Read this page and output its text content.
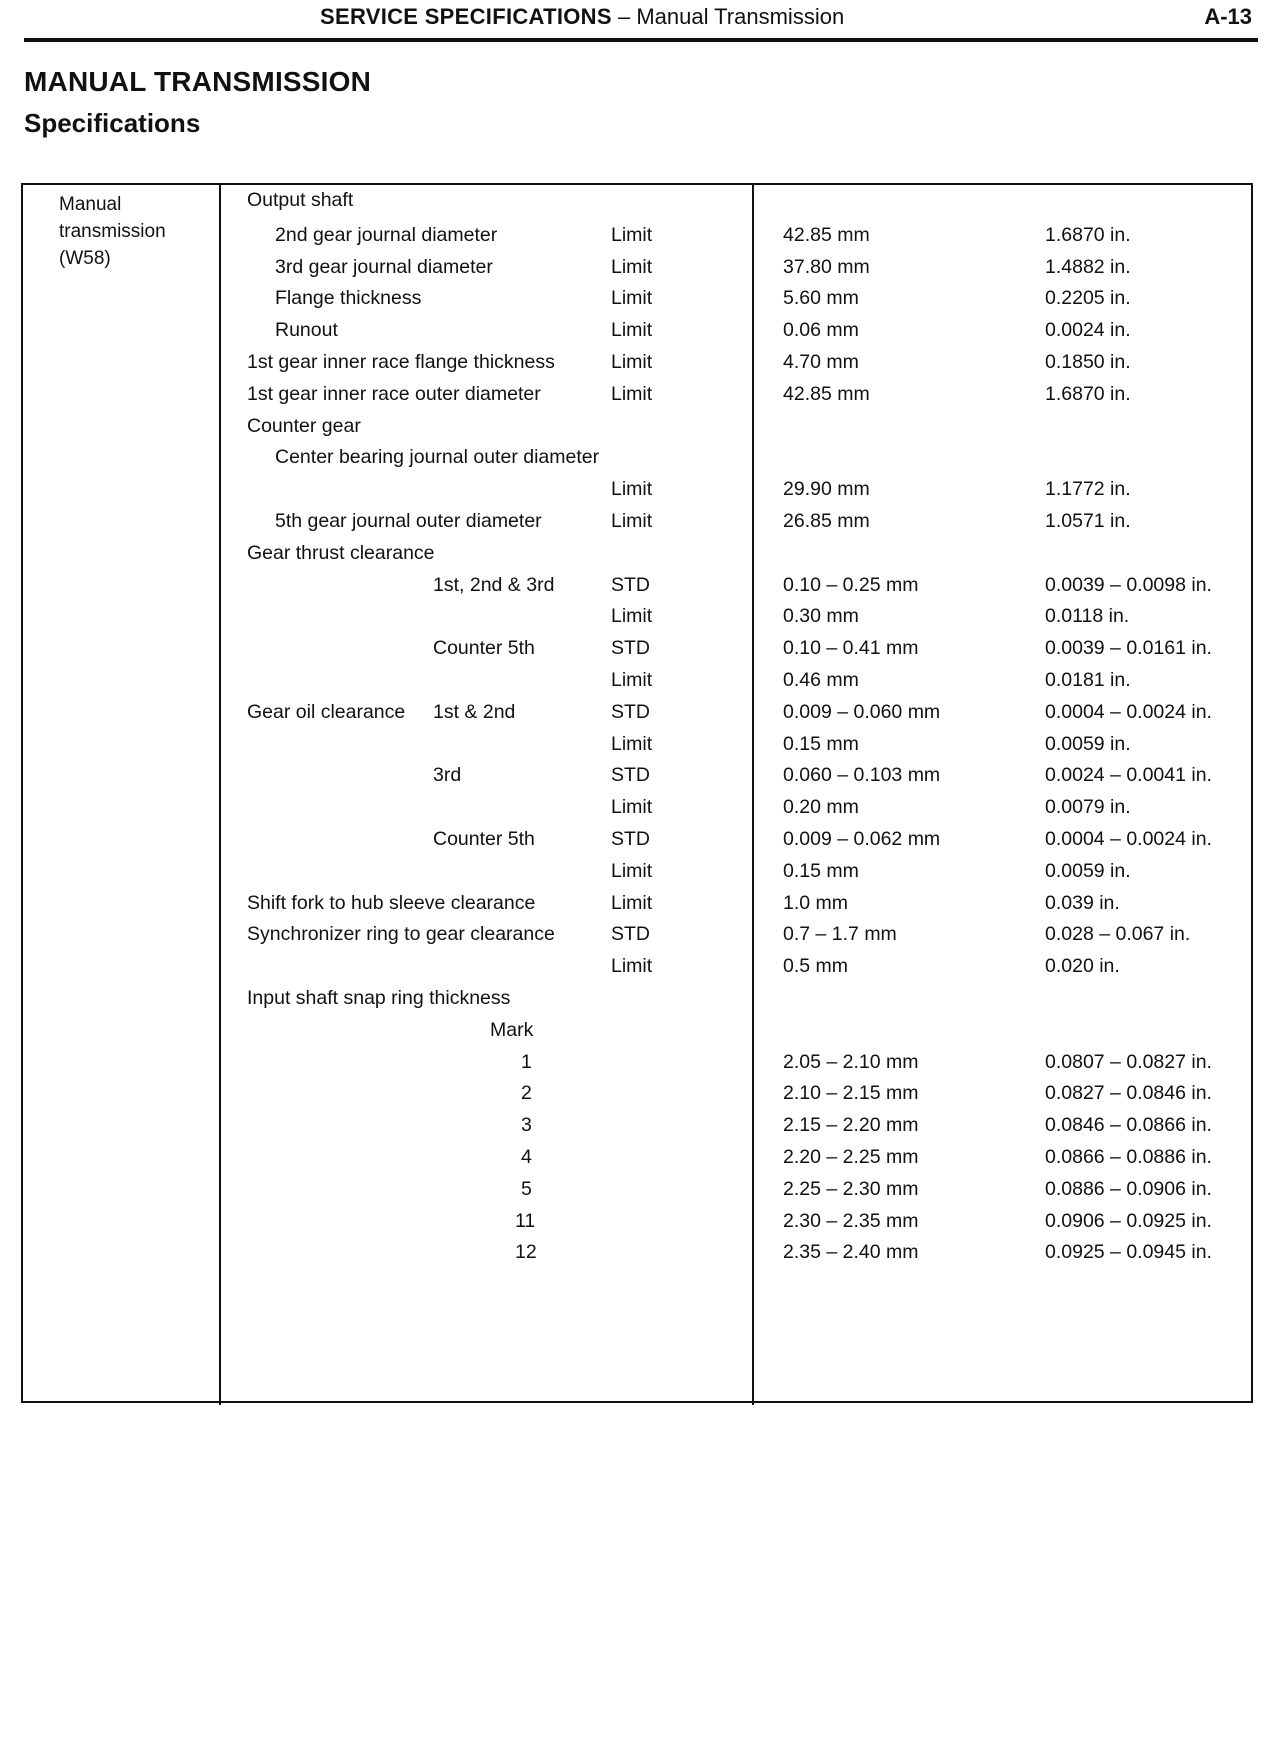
SERVICE SPECIFICATIONS – Manual Transmission	A-13
MANUAL TRANSMISSION
Specifications
Manual
transmission
(W58)
Output shaft
2nd gear journal diameter	Limit	42.85 mm	1.6870 in.
3rd gear journal diameter	Limit	37.80 mm	1.4882 in.
Flange thickness	Limit	5.60 mm	0.2205 in.
Runout	Limit	0.06 mm	0.0024 in.
1st gear inner race flange thickness	Limit	4.70 mm	0.1850 in.
1st gear inner race outer diameter	Limit	42.85 mm	1.6870 in.
Counter gear
Center bearing journal outer diameter
Limit	29.90 mm	1.1772 in.
5th gear journal outer diameter	Limit	26.85 mm	1.0571 in.
Gear thrust clearance
1st, 2nd & 3rd	STD	0.10 – 0.25 mm	0.0039 – 0.0098 in.
Limit	0.30 mm	0.0118 in.
Counter 5th	STD	0.10 – 0.41 mm	0.0039 – 0.0161 in.
Limit	0.46 mm	0.0181 in.
Gear oil clearance 1st & 2nd	STD	0.009 – 0.060 mm	0.0004 – 0.0024 in.
Limit	0.15 mm	0.0059 in.
3rd	STD	0.060 – 0.103 mm	0.0024 – 0.0041 in.
Limit	0.20 mm	0.0079 in.
Counter 5th	STD	0.009 – 0.062 mm	0.0004 – 0.0024 in.
Limit	0.15 mm	0.0059 in.
Shift fork to hub sleeve clearance	Limit	1.0 mm	0.039 in.
Synchronizer ring to gear clearance	STD	0.7 – 1.7 mm	0.028 – 0.067 in.
Limit	0.5 mm	0.020 in.
Input shaft snap ring thickness
Mark
1	2.05 – 2.10 mm	0.0807 – 0.0827 in.
2	2.10 – 2.15 mm	0.0827 – 0.0846 in.
3	2.15 – 2.20 mm	0.0846 – 0.0866 in.
4	2.20 – 2.25 mm	0.0866 – 0.0886 in.
5	2.25 – 2.30 mm	0.0886 – 0.0906 in.
11	2.30 – 2.35 mm	0.0906 – 0.0925 in.
12	2.35 – 2.40 mm	0.0925 – 0.0945 in.
